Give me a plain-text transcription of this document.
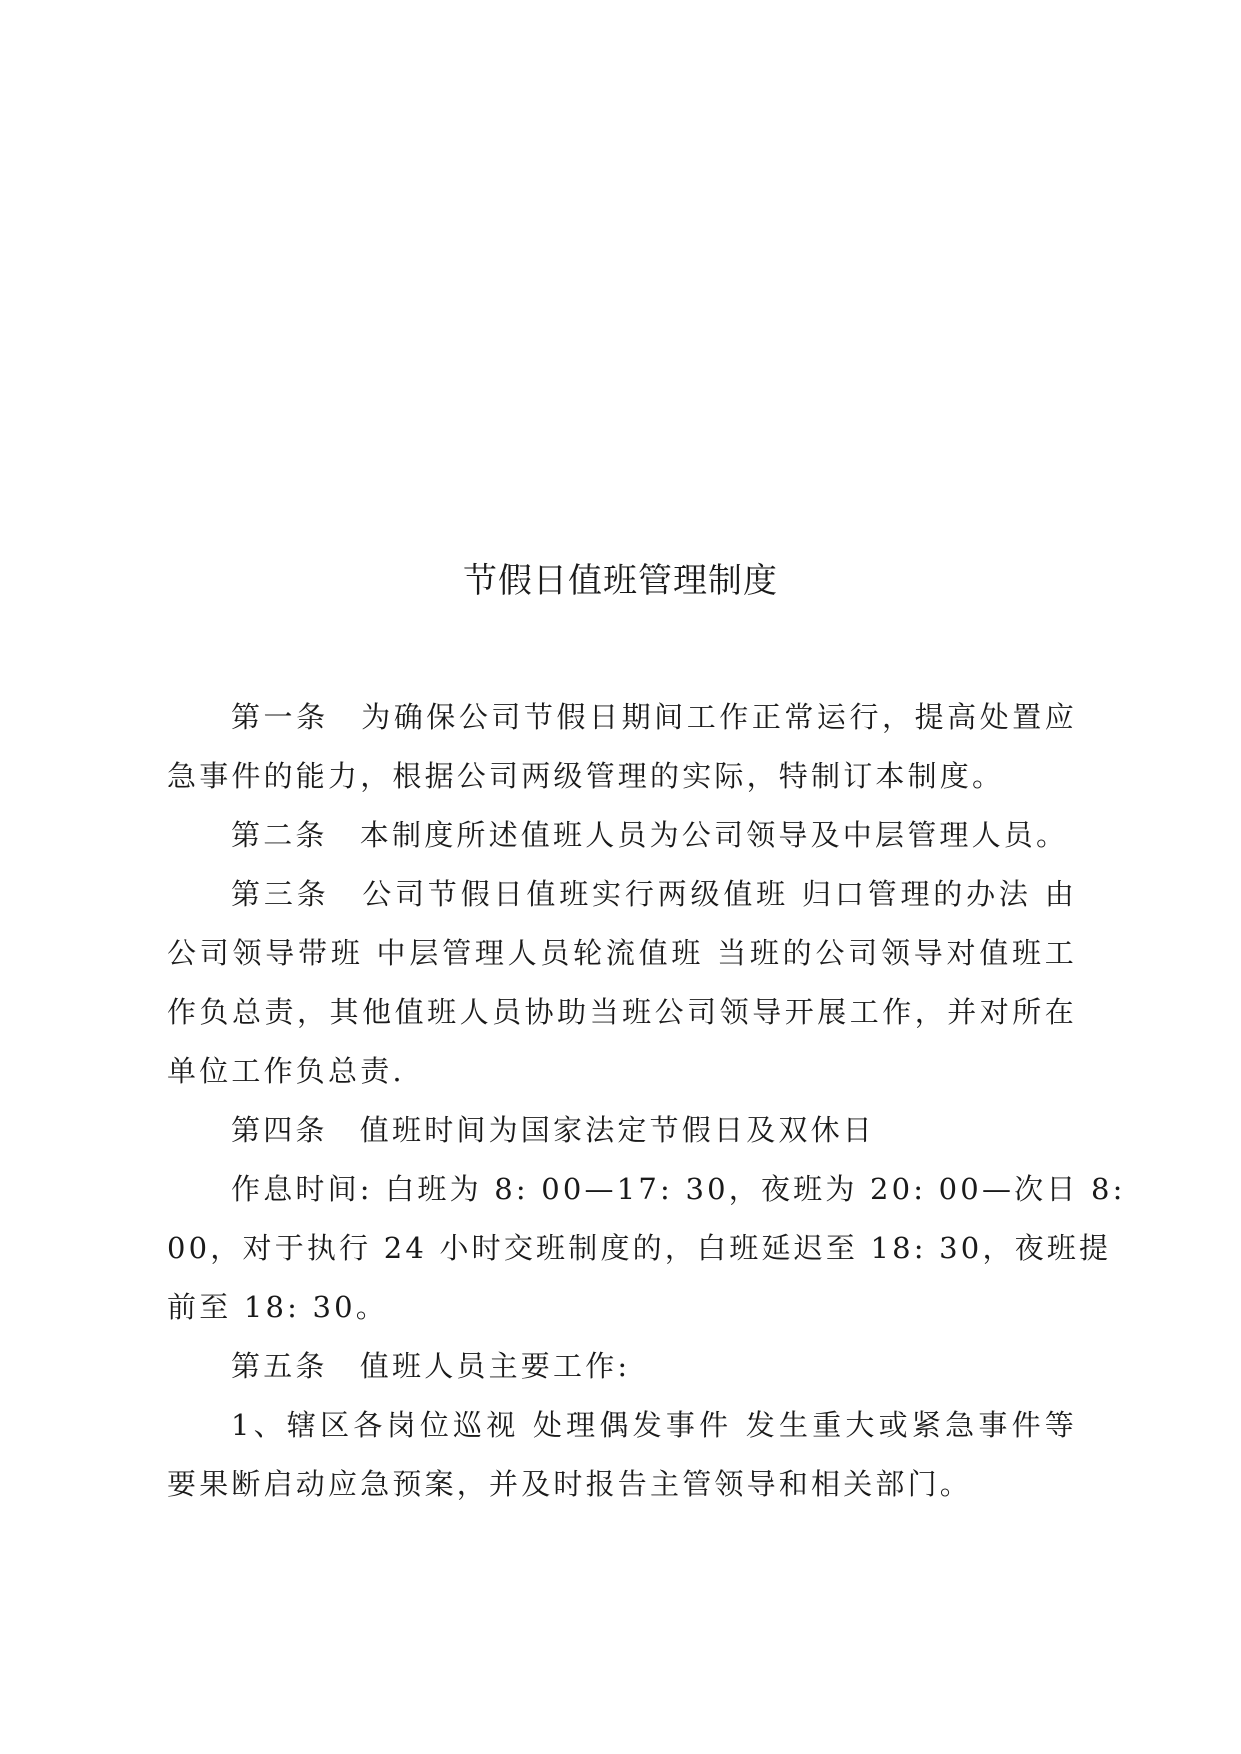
节假日值班管理制度

第一条　为确保公司节假日期间工作正常运行，提高处置应

急事件的能力，根据公司两级管理的实际，特制订本制度。

第二条　本制度所述值班人员为公司领导及中层管理人员。

第三条　公司节假日值班实行两级值班 归口管理的办法 由

公司领导带班 中层管理人员轮流值班 当班的公司领导对值班工

作负总责，其他值班人员协助当班公司领导开展工作，并对所在

单位工作负总责.

第四条　值班时间为国家法定节假日及双休日

作息时间: 白班为 8: 00—17: 30，夜班为 20: 00—次日 8:

00，对于执行 24 小时交班制度的，白班延迟至 18: 30，夜班提

前至 18: 30。

第五条　值班人员主要工作:

1、辖区各岗位巡视 处理偶发事件 发生重大或紧急事件等

要果断启动应急预案，并及时报告主管领导和相关部门。
